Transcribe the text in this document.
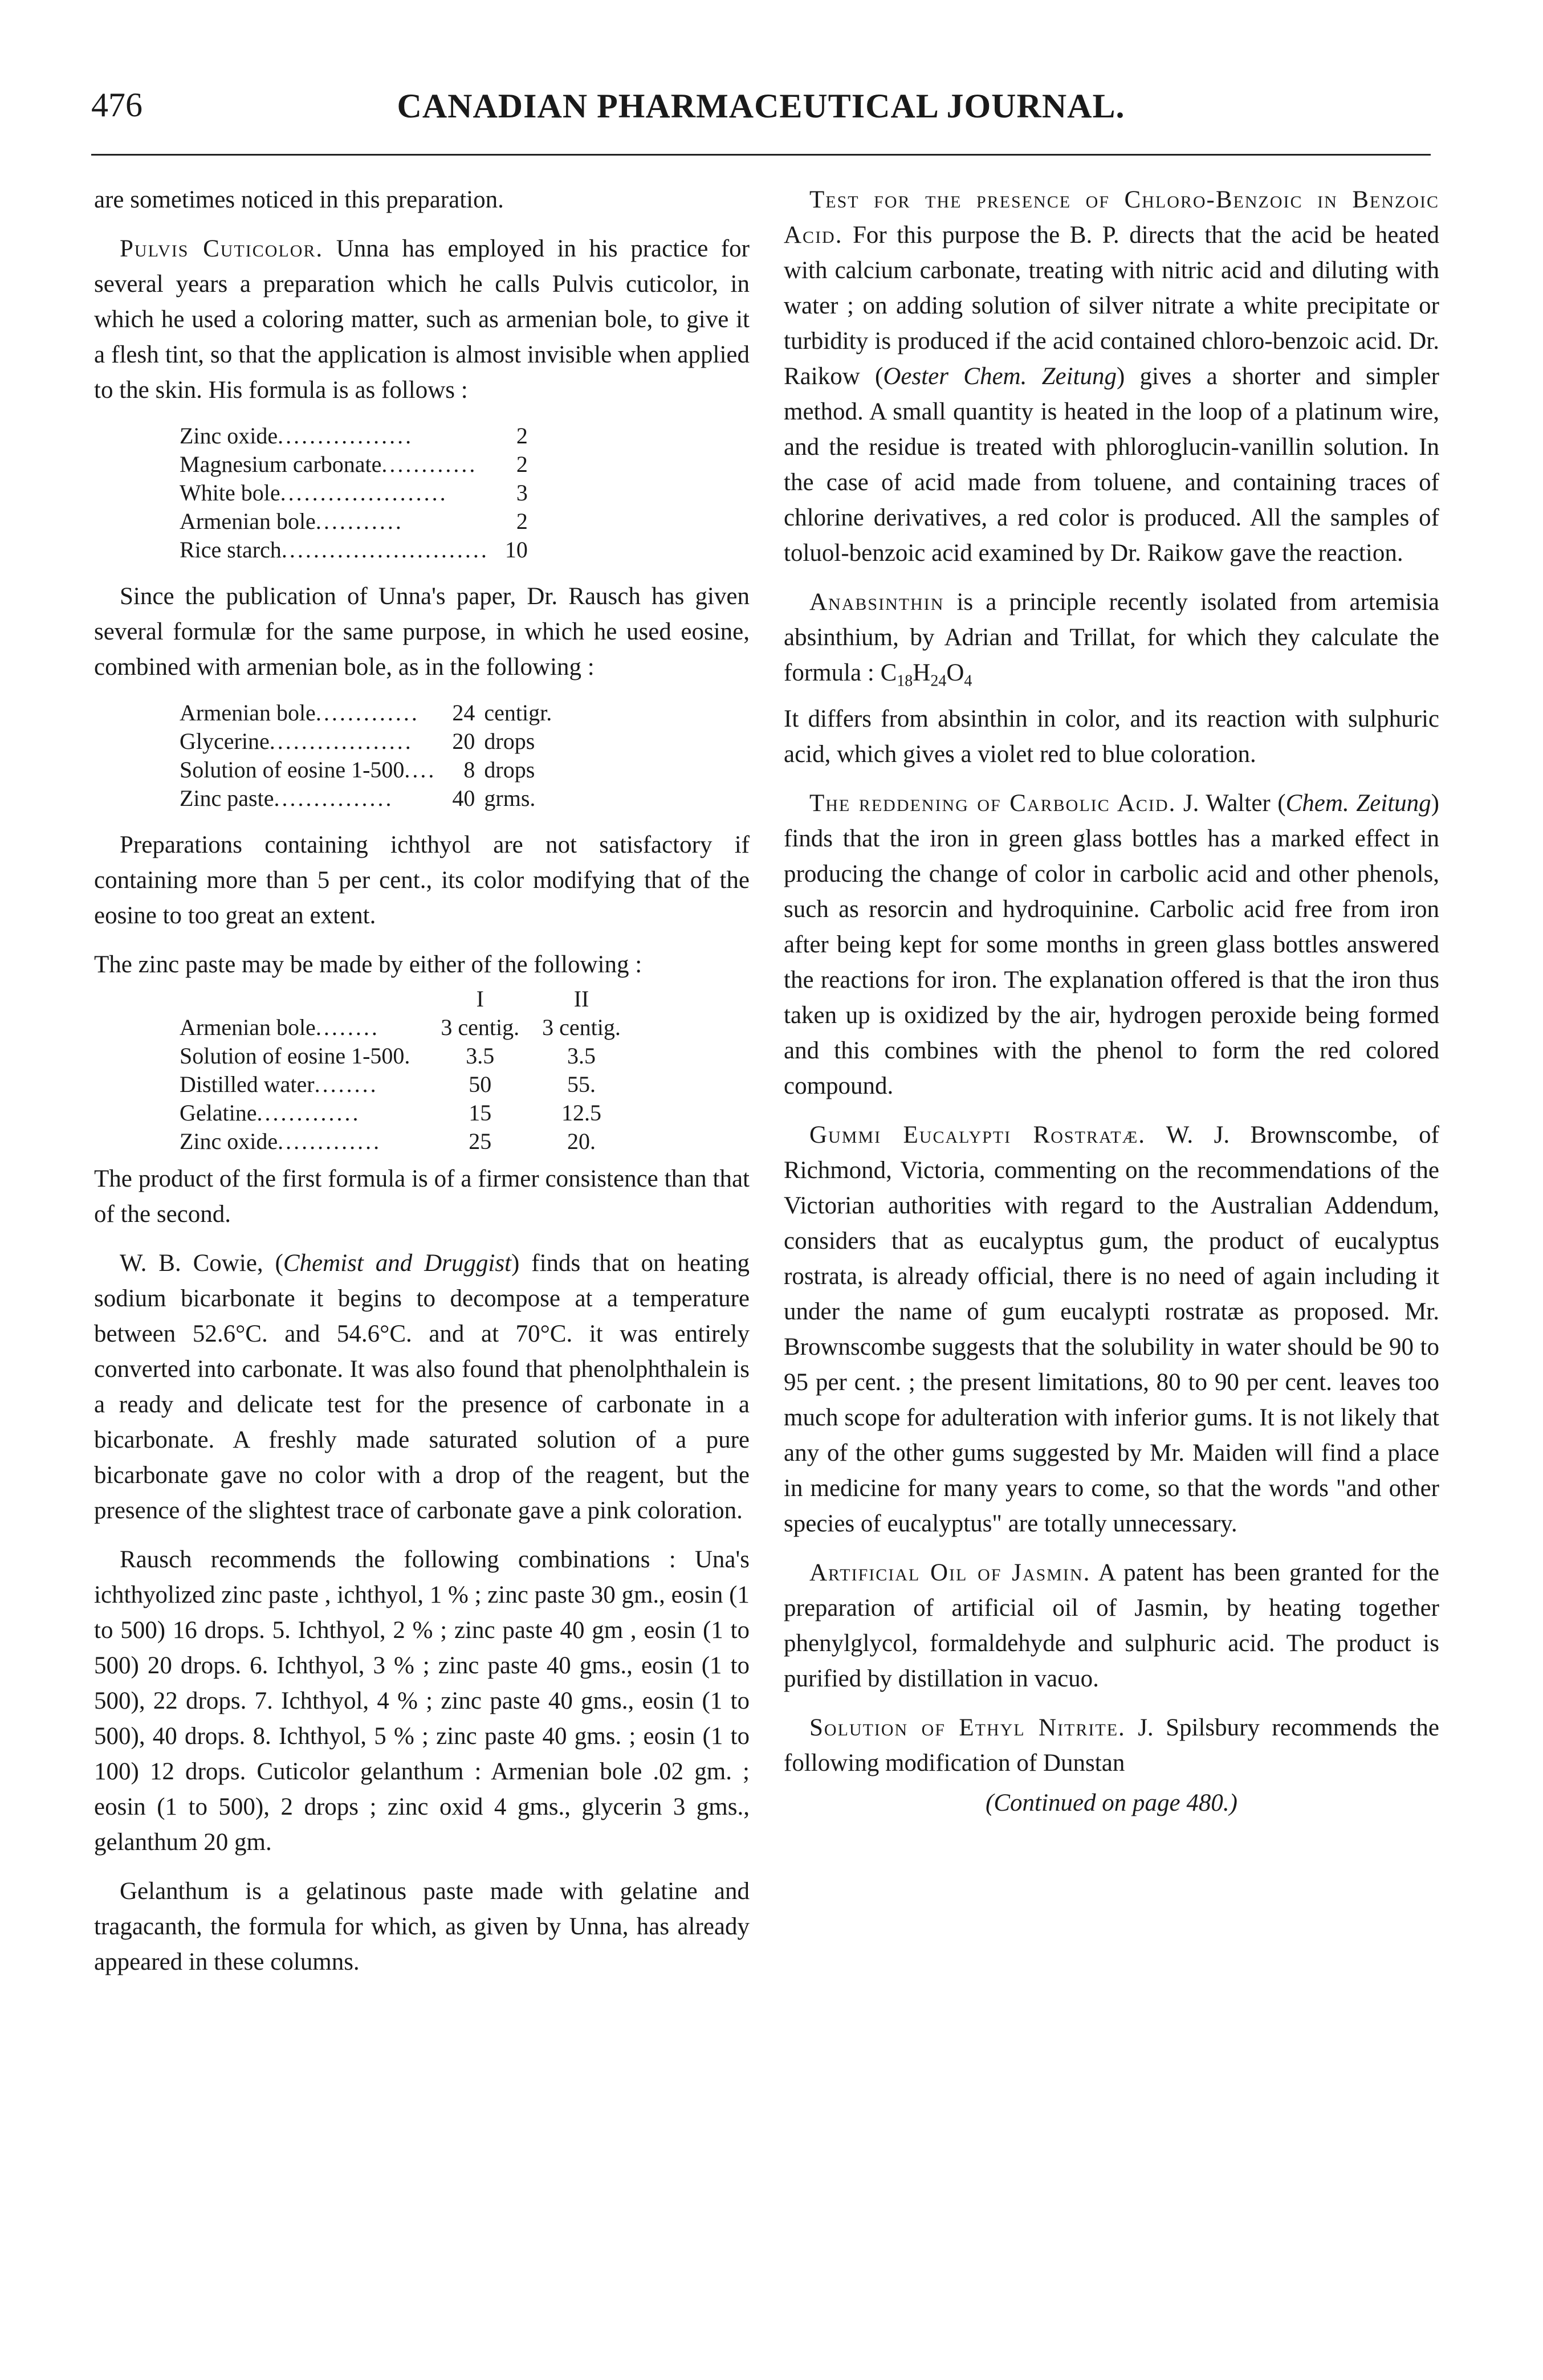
476	CANADIAN PHARMACEUTICAL JOURNAL.

are sometimes noticed in this preparation.

Pulvis Cuticolor. Unna has employed in his practice for several years a preparation which he calls Pulvis cuticolor, in which he used a coloring matter, such as armenian bole, to give it a flesh tint, so that the application is almost invisible when applied to the skin. His formula is as follows :

Zinc oxide.................	2
Magnesium carbonate............	2
White bole.....................	3
Armenian bole...........	2
Rice starch..........................	10

Since the publication of Unna's paper, Dr. Rausch has given several formulæ for the same purpose, in which he used eosine, combined with armenian bole, as in the following :

Armenian bole.............	24	centigr.
Glycerine..................	20	drops
Solution of eosine 1-500....	8	drops
Zinc paste...............	40	grms.

Preparations containing ichthyol are not satisfactory if containing more than 5 per cent., its color modifying that of the eosine to too great an extent.

The zinc paste may be made by either of the following :

	I	II
Armenian bole........	3 centig.	3 centig.
Solution of eosine 1-500.	3.5	3.5
Distilled water........	50	55.
Gelatine.............	15	12.5
Zinc oxide.............	25	20.

The product of the first formula is of a firmer consistence than that of the second.

W. B. Cowie, (Chemist and Druggist) finds that on heating sodium bicarbonate it begins to decompose at a temperature between 52.6°C. and 54.6°C. and at 70°C. it was entirely converted into carbonate. It was also found that phenolphthalein is a ready and delicate test for the presence of carbonate in a bicarbonate. A freshly made saturated solution of a pure bicarbonate gave no color with a drop of the reagent, but the presence of the slightest trace of carbonate gave a pink coloration.

Rausch recommends the following combinations : Una's ichthyolized zinc paste , ichthyol, 1 % ; zinc paste 30 gm., eosin (1 to 500) 16 drops. 5. Ichthyol, 2 % ; zinc paste 40 gm , eosin (1 to 500) 20 drops. 6. Ichthyol, 3 % ; zinc paste 40 gms., eosin (1 to 500), 22 drops. 7. Ichthyol, 4 % ; zinc paste 40 gms., eosin (1 to 500), 40 drops. 8. Ichthyol, 5 % ; zinc paste 40 gms. ; eosin (1 to 100) 12 drops. Cuticolor gelanthum : Armenian bole .02 gm. ; eosin (1 to 500), 2 drops ; zinc oxid 4 gms., glycerin 3 gms., gelanthum 20 gm.

Gelanthum is a gelatinous paste made with gelatine and tragacanth, the formula for which, as given by Unna, has already appeared in these columns.

Test for the presence of Chloro-Benzoic in Benzoic Acid. For this purpose the B. P. directs that the acid be heated with calcium carbonate, treating with nitric acid and diluting with water ; on adding solution of silver nitrate a white precipitate or turbidity is produced if the acid contained chloro-benzoic acid. Dr. Raikow (Oester Chem. Zeitung) gives a shorter and simpler method. A small quantity is heated in the loop of a platinum wire, and the residue is treated with phloroglucin-vanillin solution. In the case of acid made from toluene, and containing traces of chlorine derivatives, a red color is produced. All the samples of toluol-benzoic acid examined by Dr. Raikow gave the reaction.

Anabsinthin is a principle recently isolated from artemisia absinthium, by Adrian and Trillat, for which they calculate the formula : $C_{18}H_{24}O_4$

It differs from absinthin in color, and its reaction with sulphuric acid, which gives a violet red to blue coloration.

The reddening of Carbolic Acid. J. Walter (Chem. Zeitung) finds that the iron in green glass bottles has a marked effect in producing the change of color in carbolic acid and other phenols, such as resorcin and hydroquinine. Carbolic acid free from iron after being kept for some months in green glass bottles answered the reactions for iron. The explanation offered is that the iron thus taken up is oxidized by the air, hydrogen peroxide being formed and this combines with the phenol to form the red colored compound.

Gummi Eucalypti Rostratæ. W. J. Brownscombe, of Richmond, Victoria, commenting on the recommendations of the Victorian authorities with regard to the Australian Addendum, considers that as eucalyptus gum, the product of eucalyptus rostrata, is already official, there is no need of again including it under the name of gum eucalypti rostratæ as proposed. Mr. Brownscombe suggests that the solubility in water should be 90 to 95 per cent. ; the present limitations, 80 to 90 per cent. leaves too much scope for adulteration with inferior gums. It is not likely that any of the other gums suggested by Mr. Maiden will find a place in medicine for many years to come, so that the words "and other species of eucalyptus" are totally unnecessary.

Artificial Oil of Jasmin. A patent has been granted for the preparation of artificial oil of Jasmin, by heating together phenylglycol, formaldehyde and sulphuric acid. The product is purified by distillation in vacuo.

Solution of Ethyl Nitrite. J. Spilsbury recommends the following modification of Dunstan

(Continued on page 480.)
